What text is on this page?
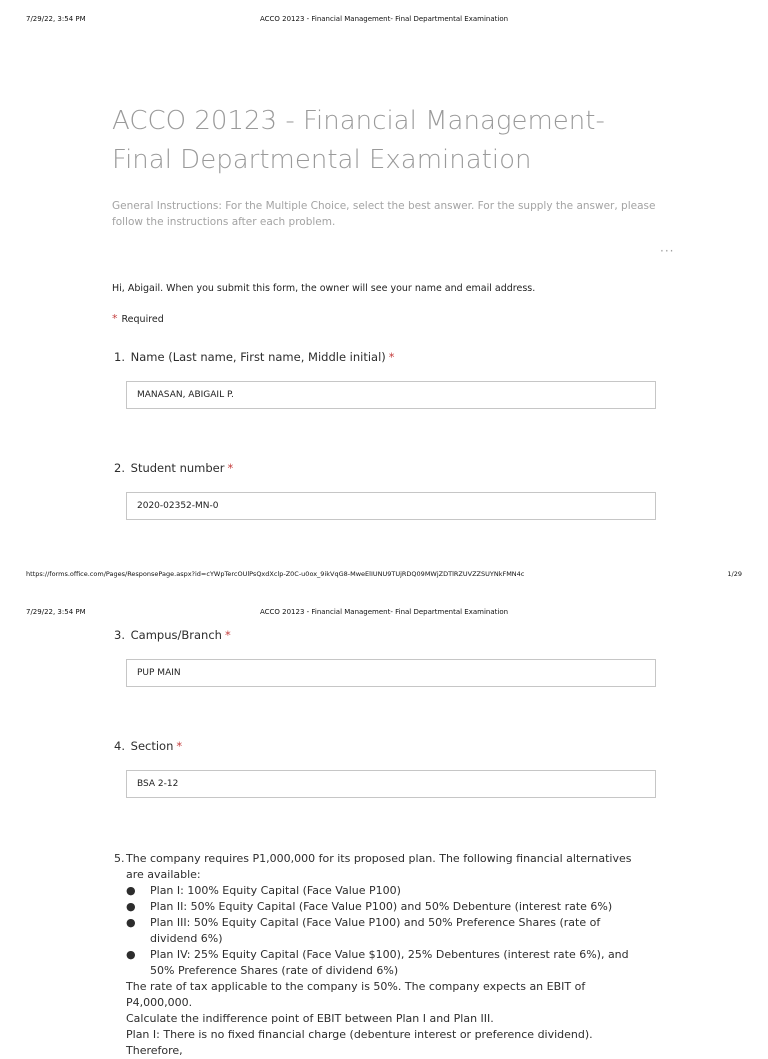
7/29/22, 3:54 PM	ACCO 20123 - Financial Management- Final Departmental Examination
ACCO 20123 - Financial Management- Final Departmental Examination

General Instructions: For the Multiple Choice, select the best answer. For the supply the answer, please follow the instructions after each problem.

···
Hi, Abigail. When you submit this form, the owner will see your name and email address.
* Required
1. Name (Last name, First name, Middle initial) *
MANASAN, ABIGAIL P.
2. Student number *
2020-02352-MN-0
https://forms.office.com/Pages/ResponsePage.aspx?id=cYWpTercOUlPsQxdXclp-Z0C-u0ox_9ikVqG8-MweElIUNU9TUjRDQ09MWjZDTlRZUVZZSUYNkFMN4c	1/29
7/29/22, 3:54 PM	ACCO 20123 - Financial Management- Final Departmental Examination
3. Campus/Branch *
PUP MAIN
4. Section *
BSA 2-12
5. The company requires P1,000,000 for its proposed plan. The following financial alternatives are available:

●	Plan I: 100% Equity Capital (Face Value P100)
●	Plan II: 50% Equity Capital (Face Value P100) and 50% Debenture (interest rate 6%)
●	Plan III: 50% Equity Capital (Face Value P100) and 50% Preference Shares (rate of dividend 6%)
●	Plan IV: 25% Equity Capital (Face Value $100), 25% Debentures (interest rate 6%), and 50% Preference Shares (rate of dividend 6%)

The rate of tax applicable to the company is 50%. The company expects an EBIT of P4,000,000.

Calculate the indifference point of EBIT between Plan I and Plan III.

Plan I: There is no fixed financial charge (debenture interest or preference dividend). Therefore,
